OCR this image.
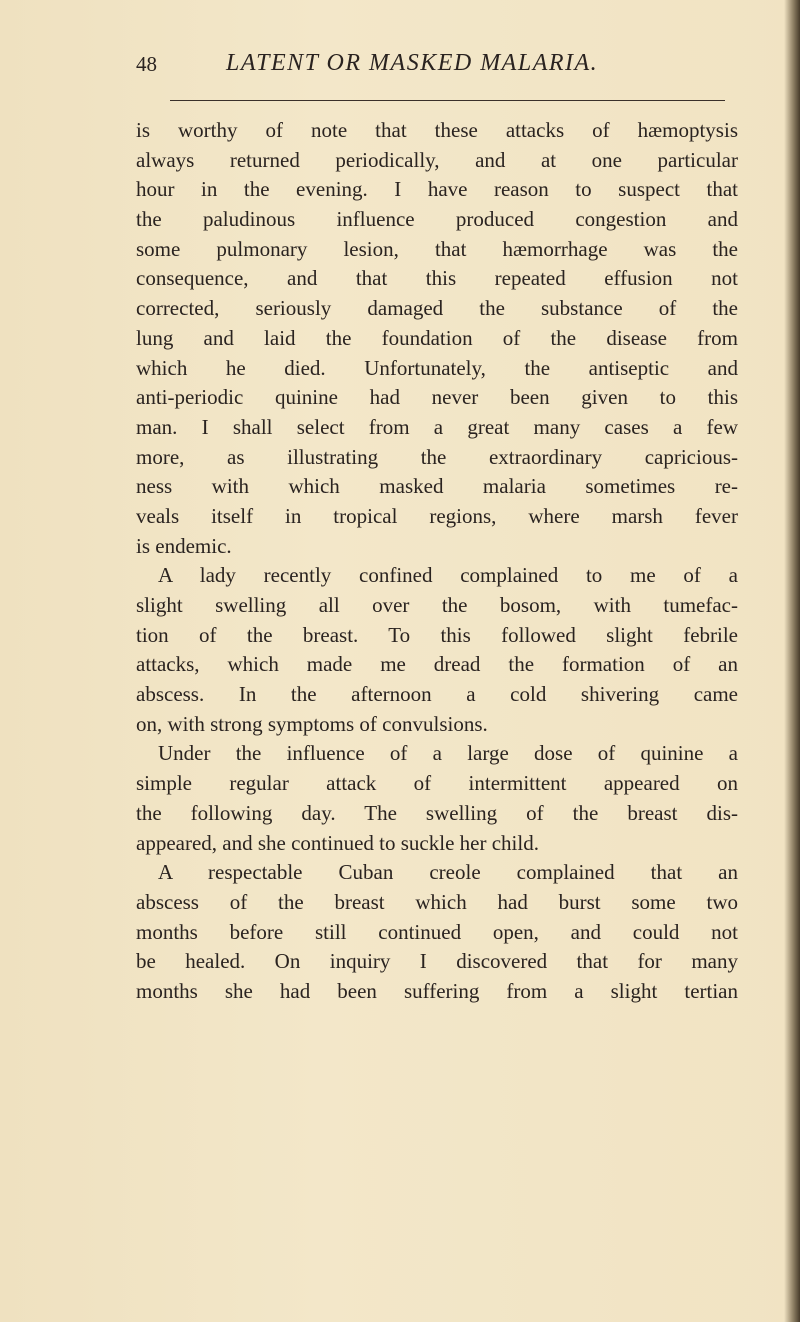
48	LATENT OR MASKED MALARIA.
is worthy of note that these attacks of hæmoptysis
always returned periodically, and at one particular
hour in the evening. I have reason to suspect that
the paludinous influence produced congestion and
some pulmonary lesion, that hæmorrhage was the
consequence, and that this repeated effusion not
corrected, seriously damaged the substance of the
lung and laid the foundation of the disease from
which he died. Unfortunately, the antiseptic and
anti-periodic quinine had never been given to this
man. I shall select from a great many cases a few
more, as illustrating the extraordinary capricious-
ness with which masked malaria sometimes re-
veals itself in tropical regions, where marsh fever
is endemic.
A lady recently confined complained to me of a
slight swelling all over the bosom, with tumefac-
tion of the breast. To this followed slight febrile
attacks, which made me dread the formation of an
abscess. In the afternoon a cold shivering came
on, with strong symptoms of convulsions.
Under the influence of a large dose of quinine a
simple regular attack of intermittent appeared on
the following day. The swelling of the breast dis-
appeared, and she continued to suckle her child.
A respectable Cuban creole complained that an
abscess of the breast which had burst some two
months before still continued open, and could not
be healed. On inquiry I discovered that for many
months she had been suffering from a slight tertian
